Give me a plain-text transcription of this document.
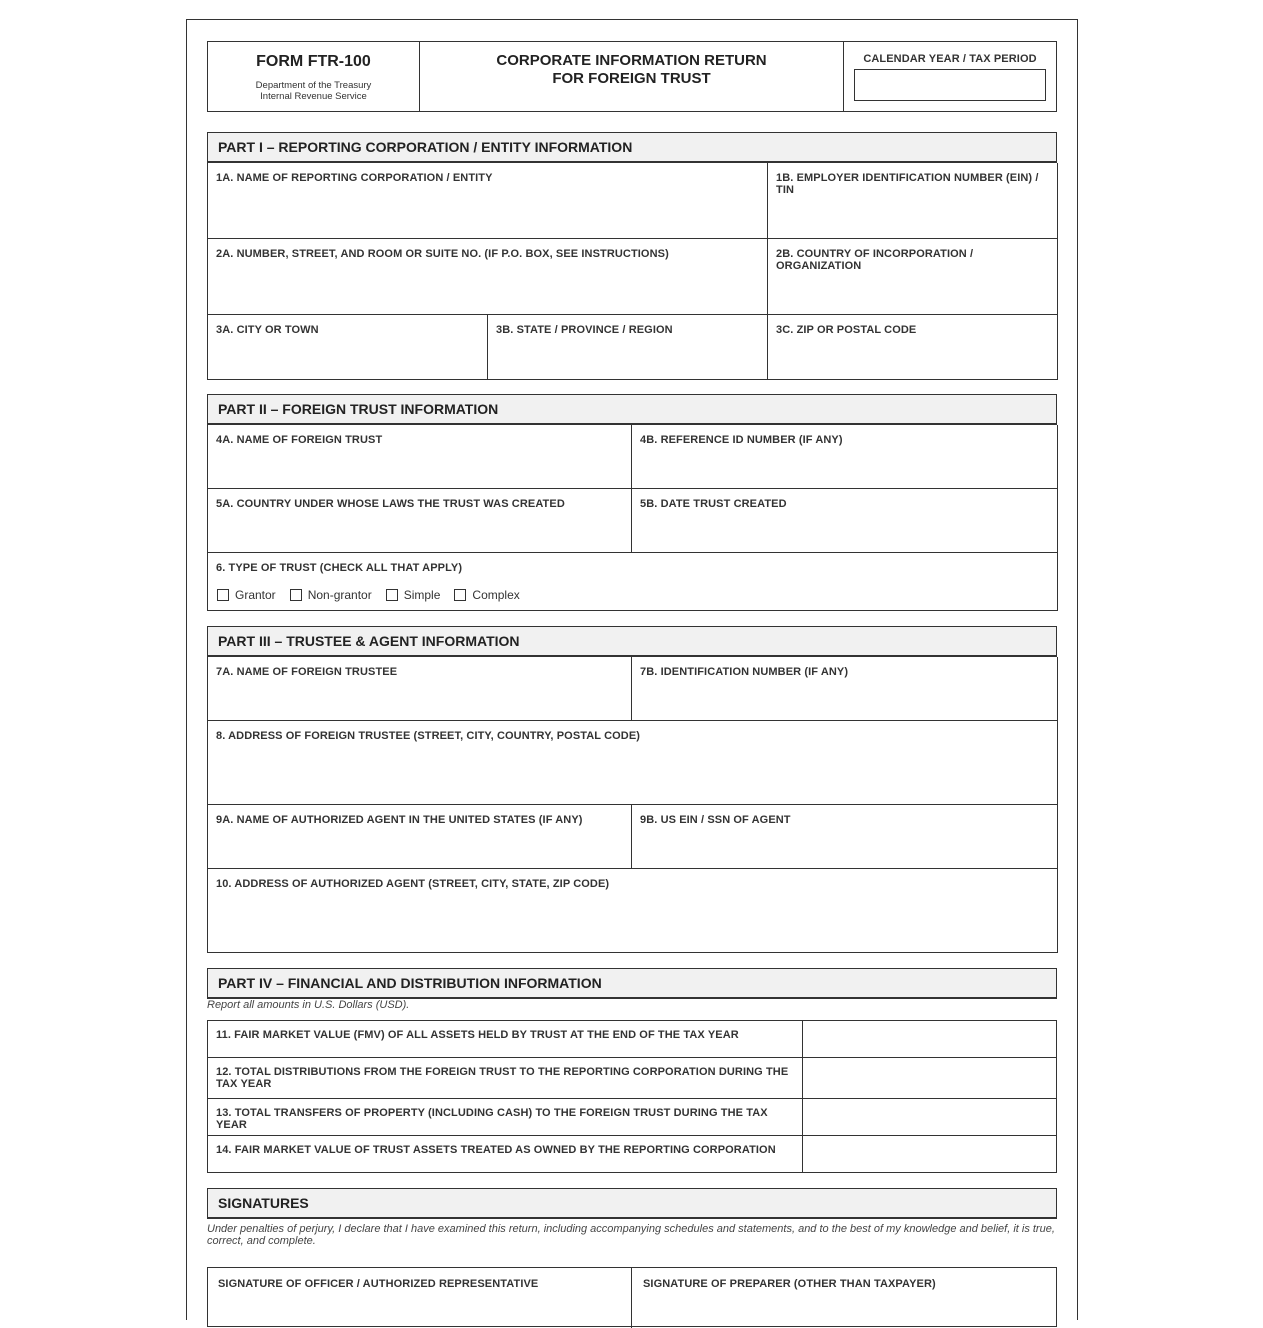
FORM FTR-100
Department of the Treasury
Internal Revenue Service
CORPORATE INFORMATION RETURN
FOR FOREIGN TRUST
CALENDAR YEAR / TAX PERIOD
PART I – REPORTING CORPORATION / ENTITY INFORMATION
1A. NAME OF REPORTING CORPORATION / ENTITY	1B. EMPLOYER IDENTIFICATION NUMBER (EIN) / TIN
2A. NUMBER, STREET, AND ROOM OR SUITE NO. (IF P.O. BOX, SEE INSTRUCTIONS)	2B. COUNTRY OF INCORPORATION / ORGANIZATION
3A. CITY OR TOWN	3B. STATE / PROVINCE / REGION	3C. ZIP OR POSTAL CODE
PART II – FOREIGN TRUST INFORMATION
4A. NAME OF FOREIGN TRUST	4B. REFERENCE ID NUMBER (IF ANY)
5A. COUNTRY UNDER WHOSE LAWS THE TRUST WAS CREATED	5B. DATE TRUST CREATED
6. TYPE OF TRUST (CHECK ALL THAT APPLY)
Grantor	Non-grantor	Simple	Complex
PART III – TRUSTEE & AGENT INFORMATION
7A. NAME OF FOREIGN TRUSTEE	7B. IDENTIFICATION NUMBER (IF ANY)
8. ADDRESS OF FOREIGN TRUSTEE (STREET, CITY, COUNTRY, POSTAL CODE)
9A. NAME OF AUTHORIZED AGENT IN THE UNITED STATES (IF ANY)	9B. US EIN / SSN OF AGENT
10. ADDRESS OF AUTHORIZED AGENT (STREET, CITY, STATE, ZIP CODE)
PART IV – FINANCIAL AND DISTRIBUTION INFORMATION
Report all amounts in U.S. Dollars (USD).
11. FAIR MARKET VALUE (FMV) OF ALL ASSETS HELD BY TRUST AT THE END OF THE TAX YEAR
12. TOTAL DISTRIBUTIONS FROM THE FOREIGN TRUST TO THE REPORTING CORPORATION DURING THE TAX YEAR
13. TOTAL TRANSFERS OF PROPERTY (INCLUDING CASH) TO THE FOREIGN TRUST DURING THE TAX YEAR
14. FAIR MARKET VALUE OF TRUST ASSETS TREATED AS OWNED BY THE REPORTING CORPORATION
SIGNATURES
Under penalties of perjury, I declare that I have examined this return, including accompanying schedules and statements, and to the best of my knowledge and belief, it is true, correct, and complete.
SIGNATURE OF OFFICER / AUTHORIZED REPRESENTATIVE	SIGNATURE OF PREPARER (OTHER THAN TAXPAYER)
